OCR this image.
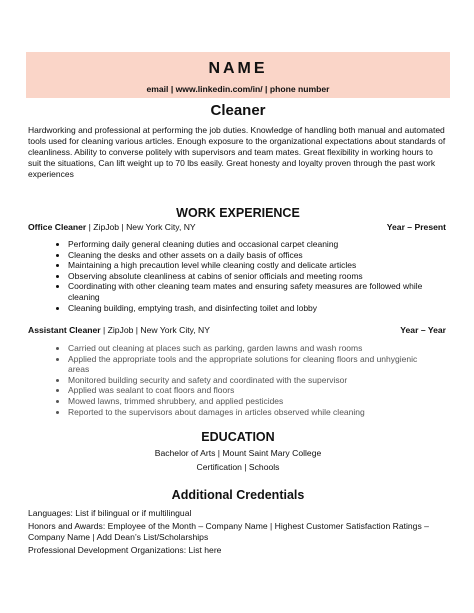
NAME
email | www.linkedin.com/in/ | phone number
Cleaner
Hardworking and professional at performing the job duties. Knowledge of handling both manual and automated tools used for cleaning various articles. Enough exposure to the organizational expectations about standards of cleanliness. Ability to converse politely with supervisors and team mates. Great flexibility in working hours to suit the situations, Can lift weight up to 70 lbs easily. Great honesty and loyalty proven through the past work experiences
WORK EXPERIENCE
Office Cleaner | ZipJob | New York City, NY	Year – Present
• Performing daily general cleaning duties and occasional carpet cleaning
• Cleaning the desks and other assets on a daily basis of offices
• Maintaining a high precaution level while cleaning costly and delicate articles
• Observing absolute cleanliness at cabins of senior officials and meeting rooms
• Coordinating with other cleaning team mates and ensuring safety measures are followed while cleaning
• Cleaning building, emptying trash, and disinfecting toilet and lobby
Assistant Cleaner | ZipJob | New York City, NY	Year – Year
• Carried out cleaning at places such as parking, garden lawns and wash rooms
• Applied the appropriate tools and the appropriate solutions for cleaning floors and unhygienic areas
• Monitored building security and safety and coordinated with the supervisor
• Applied was sealant to coat floors and floors
• Mowed lawns, trimmed shrubbery, and applied pesticides
• Reported to the supervisors about damages in articles observed while cleaning
EDUCATION
Bachelor of Arts | Mount Saint Mary College
Certification | Schools
Additional Credentials
Languages: List if bilingual or if multilingual
Honors and Awards: Employee of the Month – Company Name | Highest Customer Satisfaction Ratings – Company Name | Add Dean’s List/Scholarships
Professional Development Organizations: List here
